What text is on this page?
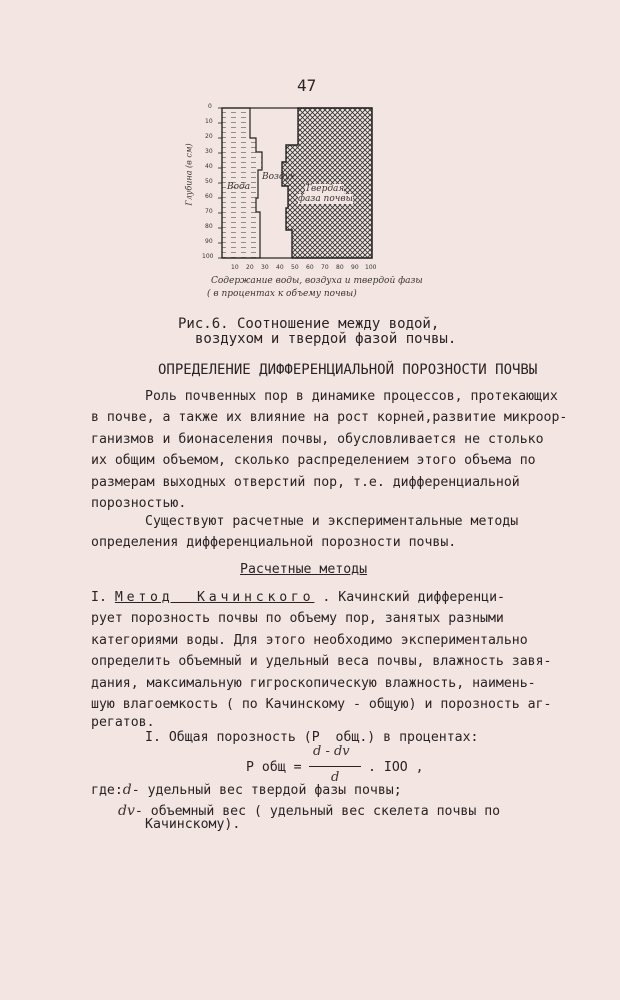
47
0
10
20
30
40
50
60
70
80
90
100
Глубина (в см)	Вода
Воздух
Твердая
фаза почвы
10 20 30 40 50 60 70 80 90 100
Содержание воды, воздуха и твердой фазы
( в процентах к объему почвы)
Рис.6. Соотношение между водой,
воздухом и твердой фазой почвы.
ОПРЕДЕЛЕНИЕ ДИФФЕРЕНЦИАЛЬНОЙ ПОРОЗНОСТИ ПОЧВЫ
Роль почвенных пор в динамике процессов, протекающих
в почве, а также их влияние на рост корней,развитие микроор-
ганизмов и бионаселения почвы, обусловливается не столько
их общим объемом, сколько распределением этого объема по
размерам выходных отверстий пор, т.е. дифференциальной
порозностью.
Существуют расчетные и экспериментальные методы
определения дифференциальной порозности почвы.
Расчетные методы
I. Метод  Качинского . Качинский дифференци-
рует порозность почвы по объему пор, занятых разными
категориями воды. Для этого необходимо экспериментально
определить объемный и удельный веса почвы, влажность завя-
дания, максимальную гигроскопическую влажность, наимень-
шую влагоемкость ( по Качинскому - общую) и порозность аг-
регатов.
I. Общая порозность (Р  общ.) в процентах:
Р общ =
d - dv
d
. IOO ,
где:d- удельный вес твердой фазы почвы;
dv- объемный вес ( удельный вес скелета почвы по
Качинскому).
